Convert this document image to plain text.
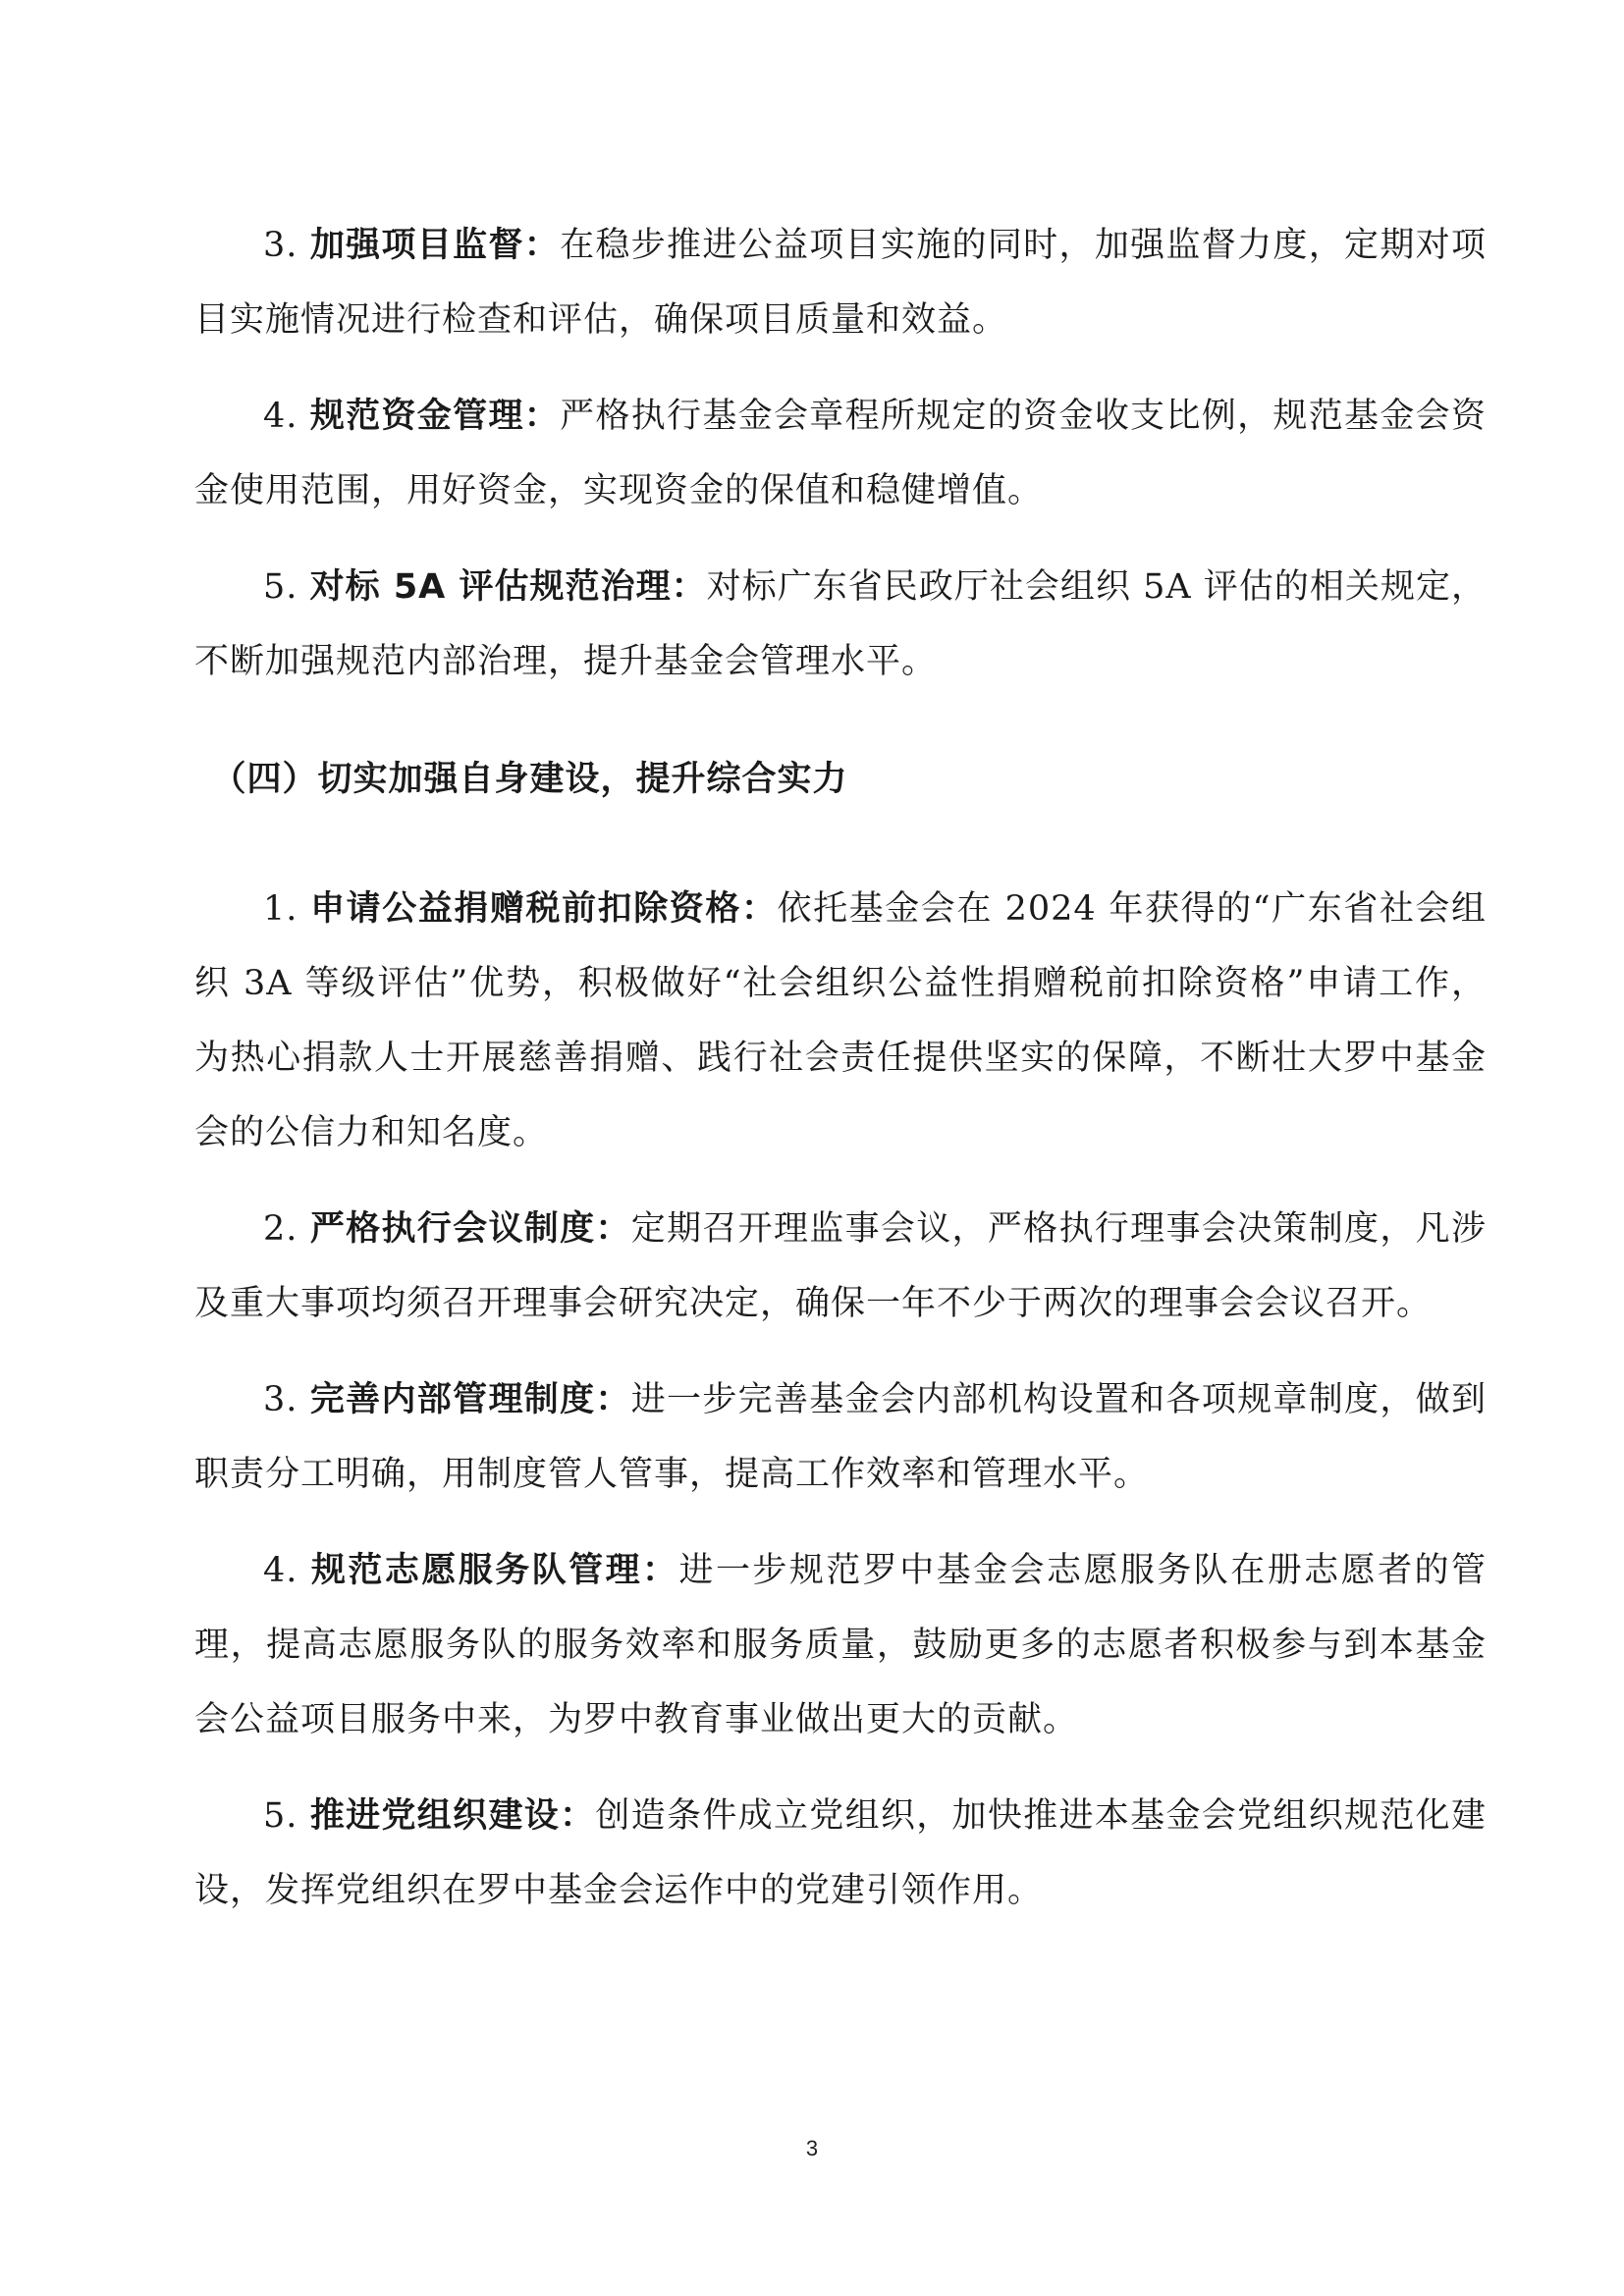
3. 加强项目监督：在稳步推进公益项目实施的同时，加强监督力度，定期对项目实施情况进行检查和评估，确保项目质量和效益。

4. 规范资金管理：严格执行基金会章程所规定的资金收支比例，规范基金会资金使用范围，用好资金，实现资金的保值和稳健增值。

5. 对标 5A 评估规范治理：对标广东省民政厅社会组织 5A 评估的相关规定，不断加强规范内部治理，提升基金会管理水平。

（四）切实加强自身建设，提升综合实力

1. 申请公益捐赠税前扣除资格：依托基金会在 2024 年获得的“广东省社会组织 3A 等级评估”优势，积极做好“社会组织公益性捐赠税前扣除资格”申请工作，为热心捐款人士开展慈善捐赠、践行社会责任提供坚实的保障，不断壮大罗中基金会的公信力和知名度。

2. 严格执行会议制度：定期召开理监事会议，严格执行理事会决策制度，凡涉及重大事项均须召开理事会研究决定，确保一年不少于两次的理事会会议召开。

3. 完善内部管理制度：进一步完善基金会内部机构设置和各项规章制度，做到职责分工明确，用制度管人管事，提高工作效率和管理水平。

4. 规范志愿服务队管理：进一步规范罗中基金会志愿服务队在册志愿者的管理，提高志愿服务队的服务效率和服务质量，鼓励更多的志愿者积极参与到本基金会公益项目服务中来，为罗中教育事业做出更大的贡献。

5. 推进党组织建设：创造条件成立党组织，加快推进本基金会党组织规范化建设，发挥党组织在罗中基金会运作中的党建引领作用。

3
